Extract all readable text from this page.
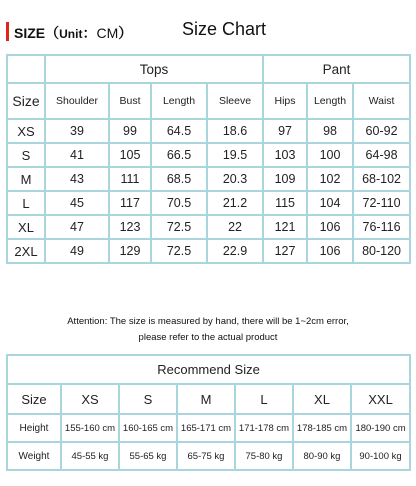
SIZE（Unit：CM）	Size Chart
	Tops				Pant		
Size	Shoulder	Bust	Length	Sleeve	Hips	Length	Waist
XS	39	99	64.5	18.6	97	98	60-92
S	41	105	66.5	19.5	103	100	64-98
M	43	111	68.5	20.3	109	102	68-102
L	45	117	70.5	21.2	115	104	72-110
XL	47	123	72.5	22	121	106	76-116
2XL	49	129	72.5	22.9	127	106	80-120
Attention: The size is measured by hand, there will be 1~2cm error,
please refer to the actual product
Recommend Size						
Size	XS	S	M	L	XL	XXL
Height	155-160 cm	160-165 cm	165-171 cm	171-178 cm	178-185 cm	180-190 cm
Weight	45-55 kg	55-65 kg	65-75 kg	75-80 kg	80-90 kg	90-100 kg
